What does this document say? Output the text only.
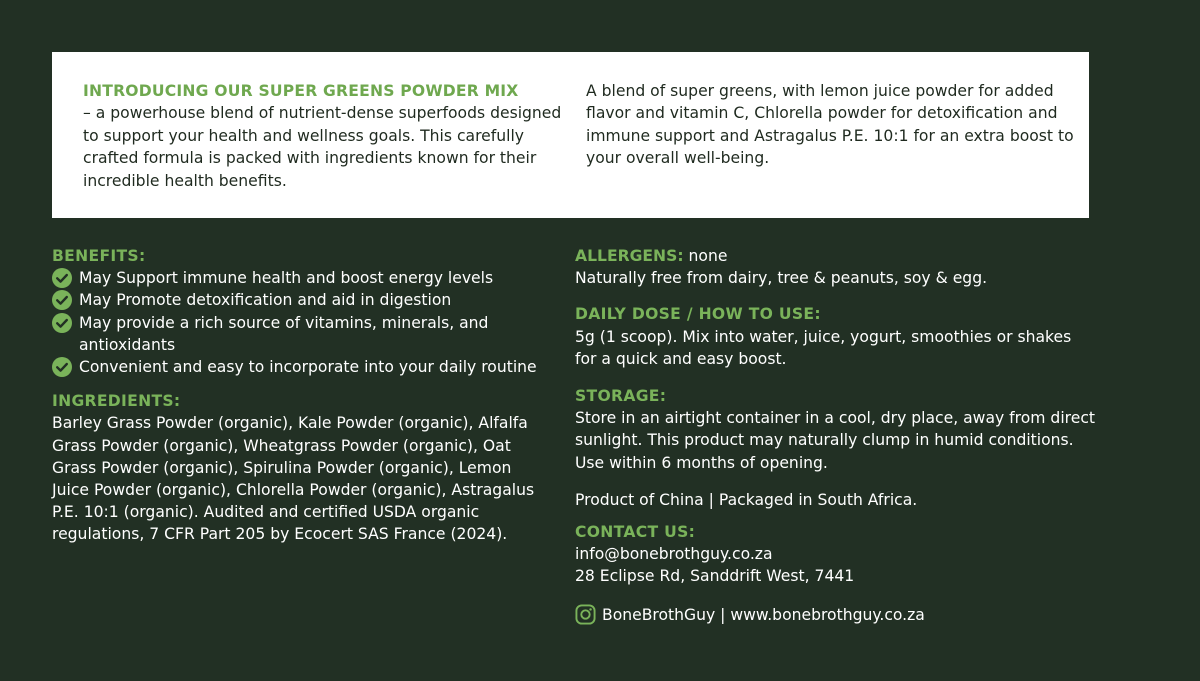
INTRODUCING OUR SUPER GREENS POWDER MIX
– a powerhouse blend of nutrient-dense superfoods designed to support your health and wellness goals. This carefully crafted formula is packed with ingredients known for their incredible health benefits.
A blend of super greens, with lemon juice powder for added flavor and vitamin C, Chlorella powder for detoxification and immune support and Astragalus P.E. 10:1 for an extra boost to your overall well-being.
BENEFITS:
May Support immune health and boost energy levels
May Promote detoxification and aid in digestion
May provide a rich source of vitamins, minerals, and antioxidants
Convenient and easy to incorporate into your daily routine
INGREDIENTS:

Barley Grass Powder (organic), Kale Powder (organic), Alfalfa Grass Powder (organic), Wheatgrass Powder (organic), Oat Grass Powder (organic), Spirulina Powder (organic), Lemon Juice Powder (organic), Chlorella Powder (organic), Astragalus P.E. 10:1 (organic). Audited and certified USDA organic regulations, 7 CFR Part 205 by Ecocert SAS France (2024).

ALLERGENS: none

Naturally free from dairy, tree & peanuts, soy & egg.

DAILY DOSE / HOW TO USE:

5g (1 scoop). Mix into water, juice, yogurt, smoothies or shakes for a quick and easy boost.

STORAGE:

Store in an airtight container in a cool, dry place, away from direct sunlight. This product may naturally clump in humid conditions. Use within 6 months of opening.

Product of China | Packaged in South Africa.

CONTACT US:

info@bonebrothguy.co.za

28 Eclipse Rd, Sanddrift West, 7441

BoneBrothGuy | www.bonebrothguy.co.za
